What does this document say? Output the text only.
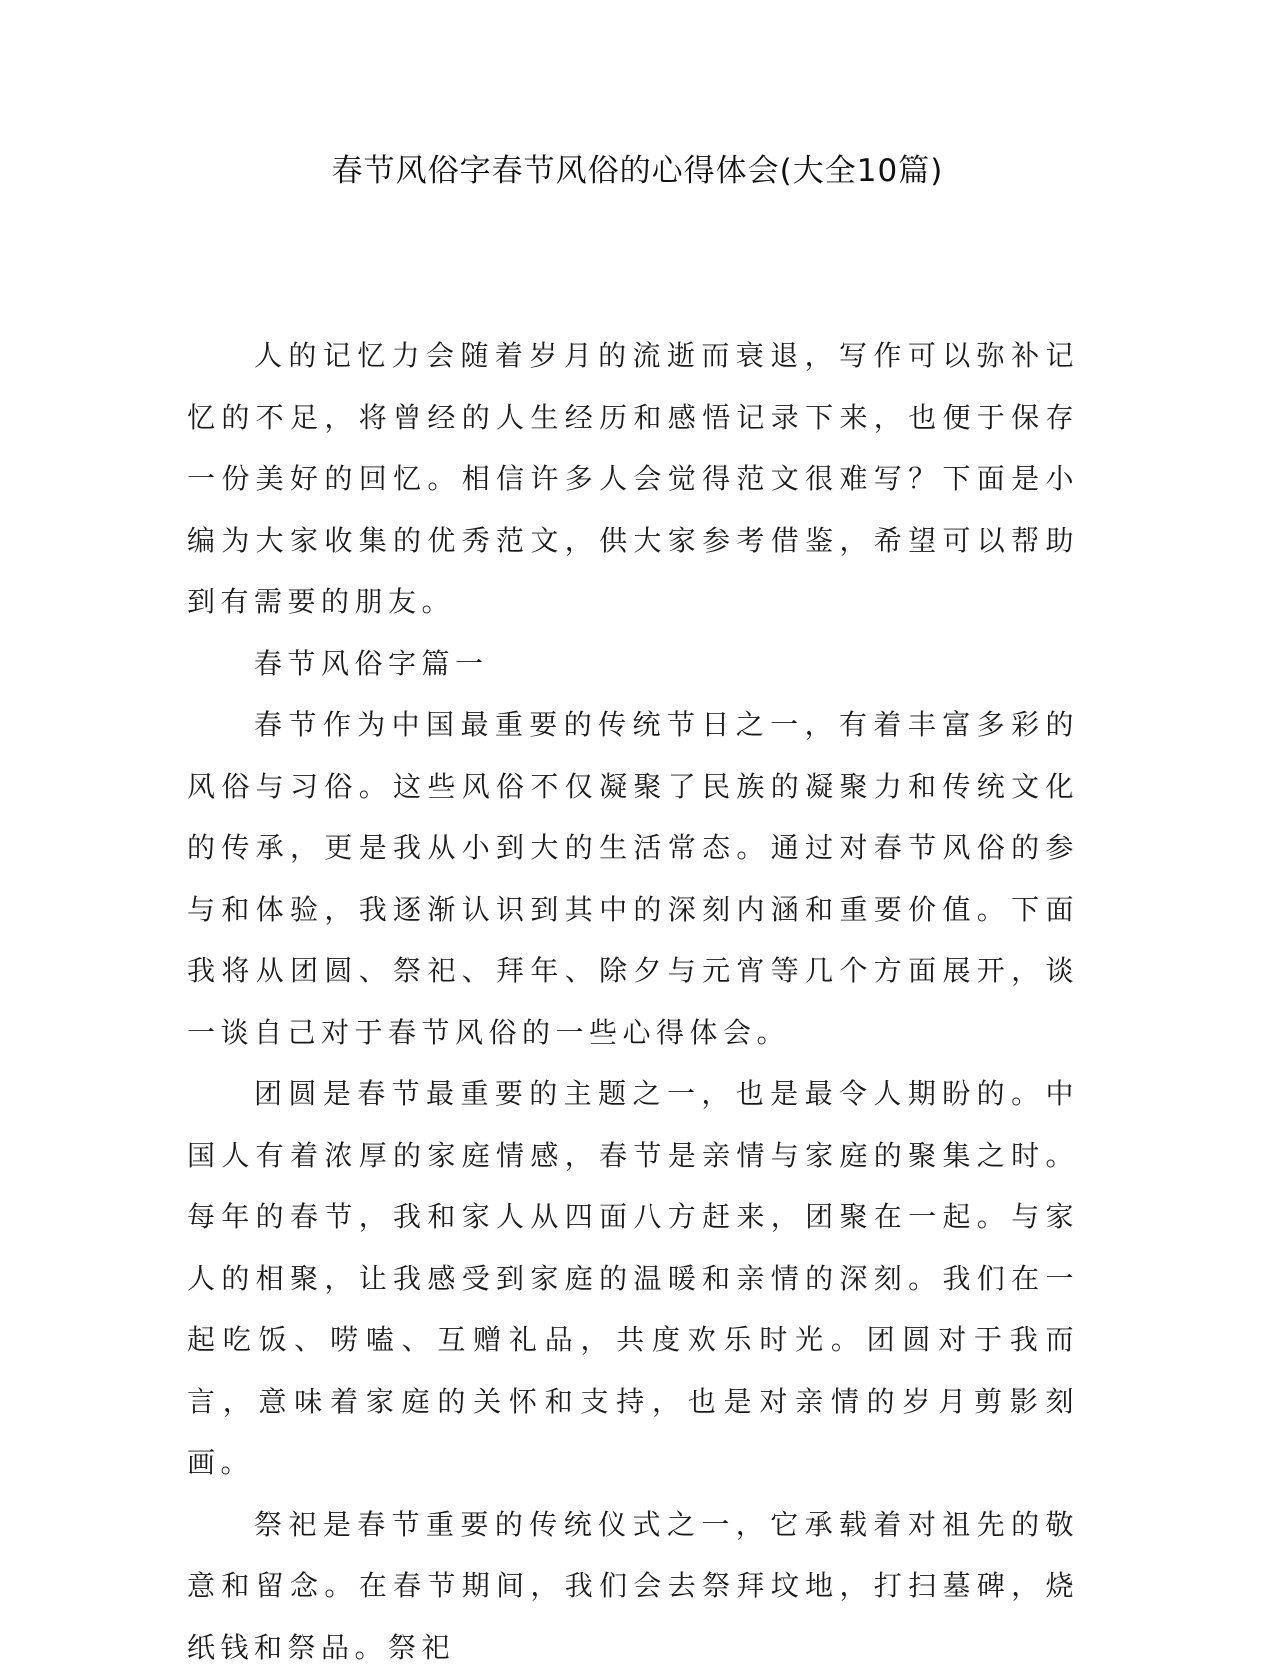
春节风俗字春节风俗的心得体会(大全10篇)

人的记忆力会随着岁月的流逝而衰退，写作可以弥补记忆的不足，将曾经的人生经历和感悟记录下来，也便于保存一份美好的回忆。相信许多人会觉得范文很难写？下面是小编为大家收集的优秀范文，供大家参考借鉴，希望可以帮助到有需要的朋友。

春节风俗字篇一

春节作为中国最重要的传统节日之一，有着丰富多彩的风俗与习俗。这些风俗不仅凝聚了民族的凝聚力和传统文化的传承，更是我从小到大的生活常态。通过对春节风俗的参与和体验，我逐渐认识到其中的深刻内涵和重要价值。下面我将从团圆、祭祀、拜年、除夕与元宵等几个方面展开，谈一谈自己对于春节风俗的一些心得体会。

团圆是春节最重要的主题之一，也是最令人期盼的。中国人有着浓厚的家庭情感，春节是亲情与家庭的聚集之时。每年的春节，我和家人从四面八方赶来，团聚在一起。与家人的相聚，让我感受到家庭的温暖和亲情的深刻。我们在一起吃饭、唠嗑、互赠礼品，共度欢乐时光。团圆对于我而言，意味着家庭的关怀和支持，也是对亲情的岁月剪影刻画。

祭祀是春节重要的传统仪式之一，它承载着对祖先的敬意和留念。在春节期间，我们会去祭拜坟地，打扫墓碑，烧纸钱和祭品。祭祀
